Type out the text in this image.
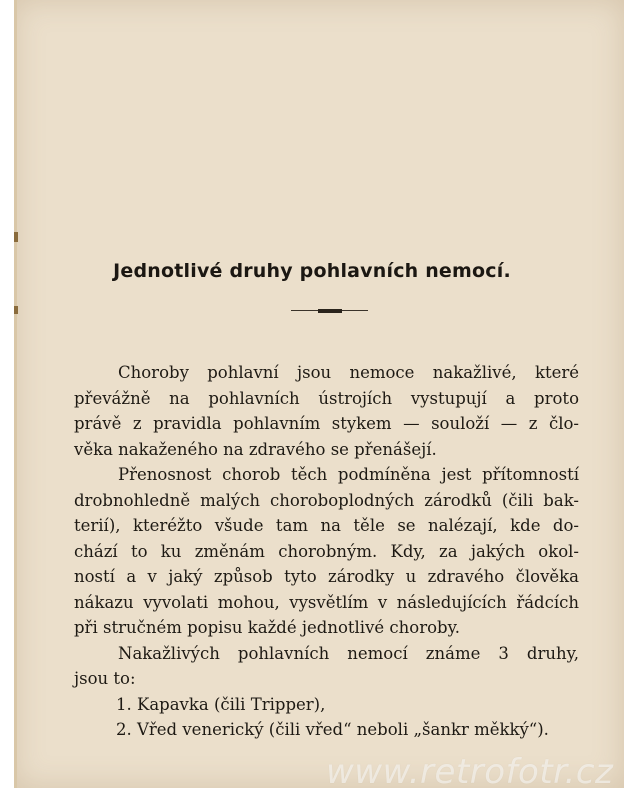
Jednotlivé druhy pohlavních nemocí.
Choroby pohlavní jsou nemoce nakažlivé, které
převážně na pohlavních ústrojích vystupují a proto
právě z pravidla pohlavním stykem — souloží — z člo-
věka nakaženého na zdravého se přenášejí.
Přenosnost chorob těch podmíněna jest přítomností
drobnohledně malých choroboplodných zárodků (čili bak-
terií), kteréžto všude tam na těle se nalézají, kde do-
chází to ku změnám chorobným. Kdy, za jakých okol-
ností a v jaký způsob tyto zárodky u zdravého člověka
nákazu vyvolati mohou, vysvětlím v následujících řádcích
při stručném popisu každé jednotlivé choroby.
Nakažlivých pohlavních nemocí známe 3 druhy,
jsou to:
1. Kapavka (čili Tripper),
2. Vřed venerický (čili vřed“ neboli „šankr měkký“).
www.retrofotr.cz
